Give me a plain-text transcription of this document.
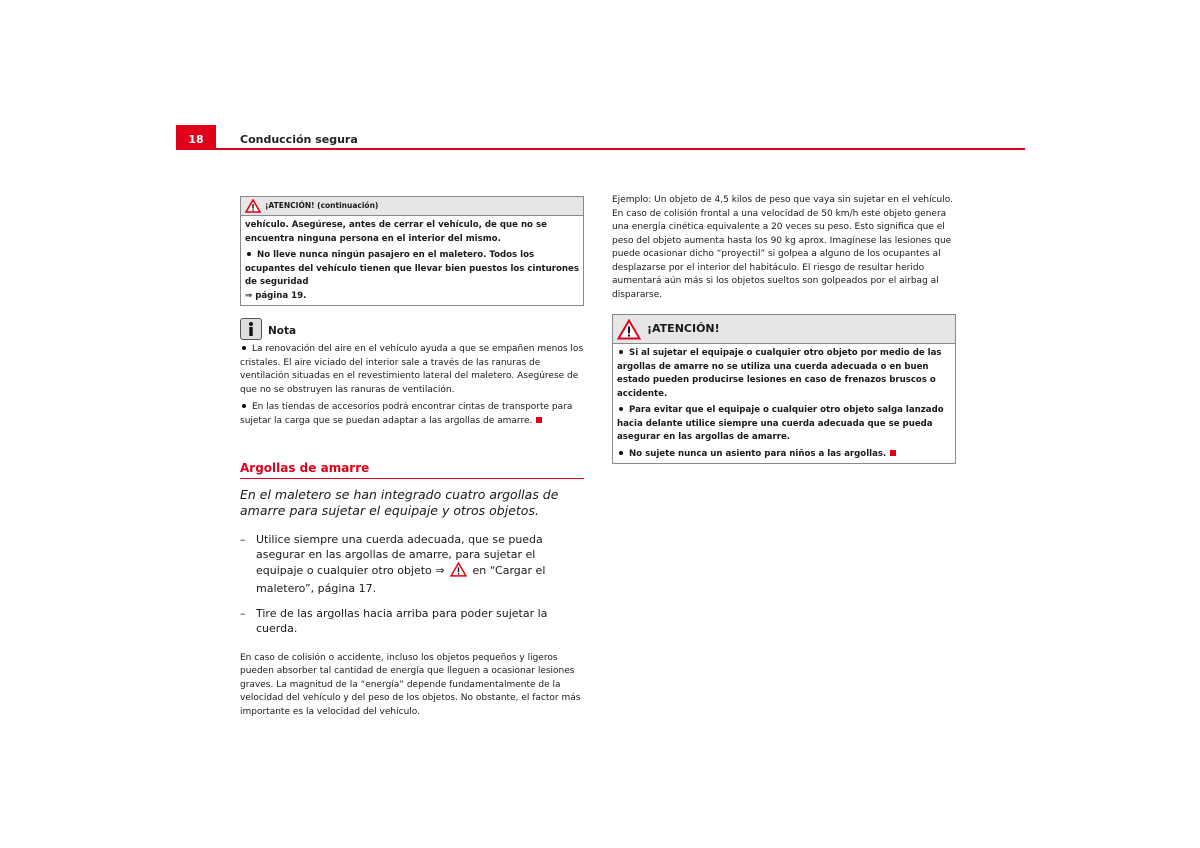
18	Conducción segura
¡ATENCIÓN! (continuación)

vehículo. Asegúrese, antes de cerrar el vehículo, de que no se encuentra ninguna persona en el interior del mismo.

No lleve nunca ningún pasajero en el maletero. Todos los ocupantes del vehículo tienen que llevar bien puestos los cinturones de seguridad
⇒ página 19.

Nota

La renovación del aire en el vehículo ayuda a que se empañen menos los cristales. El aire viciado del interior sale a través de las ranuras de ventilación situadas en el revestimiento lateral del maletero. Asegúrese de que no se obstruyen las ranuras de ventilación.

En las tiendas de accesorios podrá encontrar cintas de transporte para sujetar la carga que se puedan adaptar a las argollas de amarre.

Argollas de amarre
En el maletero se han integrado cuatro argollas de amarre para sujetar el equipaje y otros objetos.
– Utilice siempre una cuerda adecuada, que se pueda asegurar en las argollas de amarre, para sujetar el equipaje o cualquier otro objeto ⇒	en “Cargar el maletero”, página 17.
– Tire de las argollas hacia arriba para poder sujetar la cuerda.
En caso de colisión o accidente, incluso los objetos pequeños y ligeros pueden absorber tal cantidad de energía que lleguen a ocasionar lesiones graves. La magnitud de la “energía” depende fundamentalmente de la velocidad del vehículo y del peso de los objetos. No obstante, el factor más importante es la velocidad del vehículo.
Ejemplo: Un objeto de 4,5 kilos de peso que vaya sin sujetar en el vehículo. En caso de colisión frontal a una velocidad de 50 km/h este objeto genera una energía cinética equivalente a 20 veces su peso. Esto significa que el peso del objeto aumenta hasta los 90 kg aprox. Imagínese las lesiones que puede ocasionar dicho “proyectil” si golpea a alguno de los ocupantes al desplazarse por el interior del habitáculo. El riesgo de resultar herido aumentará aún más si los objetos sueltos son golpeados por el airbag al dispararse.
¡ATENCIÓN!

Si al sujetar el equipaje o cualquier otro objeto por medio de las argollas de amarre no se utiliza una cuerda adecuada o en buen estado pueden producirse lesiones en caso de frenazos bruscos o accidente.

Para evitar que el equipaje o cualquier otro objeto salga lanzado hacia delante utilice siempre una cuerda adecuada que se pueda asegurar en las argollas de amarre.

No sujete nunca un asiento para niños a las argollas.
